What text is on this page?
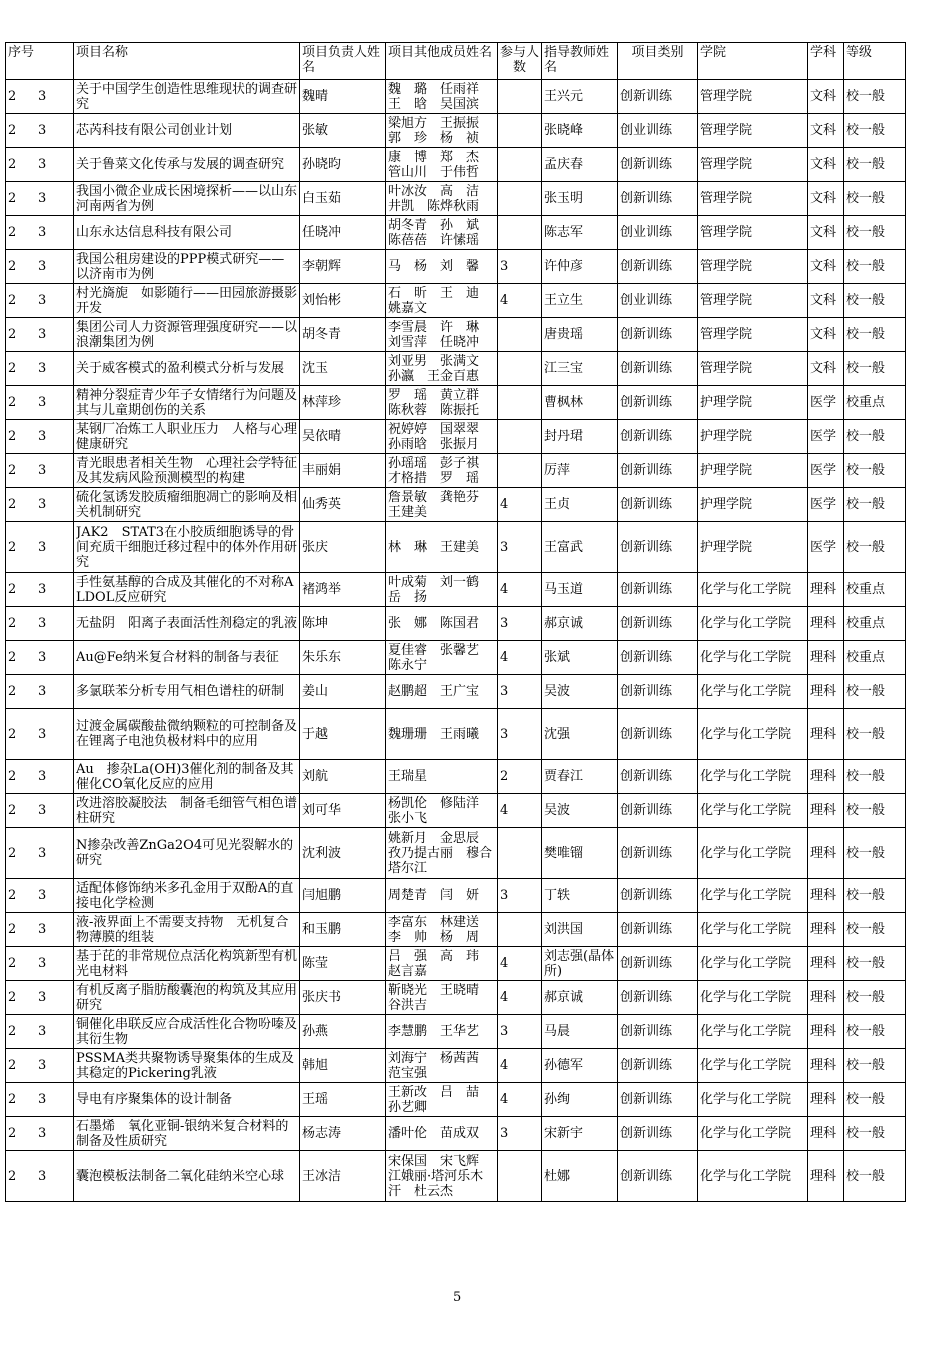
序号	项目名称	项目负责人姓名	项目其他成员姓名	参与人数	指导教师姓名	项目类别	学院	学科	等级
2 3	关于中国学生创造性思维现状的调查研究	魏晴	魏　璐　任雨祥　王　晗　吴国滨		王兴元	创新训练	管理学院	文科	校一般

2 3	芯芮科技有限公司创业计划	张敏	梁旭方　王振振　郭　珍　杨　祯		张晓峰	创业训练	管理学院	文科	校一般

2 3	关于鲁菜文化传承与发展的调查研究	孙晓昀	康　博　郑　杰　管山川　于伟哲		孟庆春	创新训练	管理学院	文科	校一般

2 3	我国小微企业成长困境探析——以山东　河南两省为例	白玉茹	叶冰汝　高　洁　井凯　陈烨秋雨		张玉明	创新训练	管理学院	文科	校一般

2 3	山东永达信息科技有限公司	任晓冲	胡冬青　孙　斌　陈蓓蓓　许愫瑶		陈志军	创业训练	管理学院	文科	校一般

2 3	我国公租房建设的PPP模式研究——以济南市为例	李朝辉	马　杨　刘　馨	3	许仲彦	创新训练	管理学院	文科	校一般

2 3	村光旖旎　如影随行——田园旅游摄影开发	刘怡彬	石　昕　王　迪　姚嘉文	4	王立生	创业训练	管理学院	文科	校一般

2 3	集团公司人力资源管理强度研究——以浪潮集团为例	胡冬青	李雪晨　许　琳　刘雪萍　任晓冲		唐贵瑶	创新训练	管理学院	文科	校一般

2 3	关于威客模式的盈利模式分析与发展	沈玉	刘亚男　张满文　孙瀛　王金百惠		江三宝	创新训练	管理学院	文科	校一般

2 3	精神分裂症青少年子女情绪行为问题及其与儿童期创伤的关系	林萍珍	罗　瑶　黄立群　陈秋蓉　陈振托		曹枫林	创新训练	护理学院	医学	校重点

2 3	某钢厂冶炼工人职业压力　人格与心理健康研究	吴依晴	祝婷婷　国翠翠　孙雨晗　张振月		封丹珺	创新训练	护理学院	医学	校一般

2 3	青光眼患者相关生物　心理社会学特征及其发病风险预测模型的构建	丰丽娟	孙瑶瑶　彭子祺　才格措　罗　瑶		厉萍	创新训练	护理学院	医学	校一般

2 3	硫化氢诱发胶质瘤细胞凋亡的影响及相关机制研究	仙秀英	詹景敏　龚艳芬　王建美	4	王贞	创新训练	护理学院	医学	校一般

2 3	JAK2　STAT3在小胶质细胞诱导的骨间充质干细胞迁移过程中的体外作用研究	张庆	林　琳　王建美	3	王富武	创新训练	护理学院	医学	校一般

2 3	手性氨基醇的合成及其催化的不对称ALDOL反应研究	褚鸿举	叶成菊　刘一鹤　岳　扬	4	马玉道	创新训练	化学与化工学院	理科	校重点

2 3	无盐阴　阳离子表面活性剂稳定的乳液	陈坤	张　娜　陈国君	3	郝京诚	创新训练	化学与化工学院	理科	校重点

2 3	Au@Fe纳米复合材料的制备与表征	朱乐东	夏佳睿　张馨艺　陈永宁	4	张斌	创新训练	化学与化工学院	理科	校重点

2 3	多氯联苯分析专用气相色谱柱的研制	姜山	赵鹏超　王广宝	3	吴波	创新训练	化学与化工学院	理科	校一般

2 3	过渡金属碳酸盐微纳颗粒的可控制备及在锂离子电池负极材料中的应用	于越	魏珊珊　王雨曦	3	沈强	创新训练	化学与化工学院	理科	校一般

2 3	Au　掺杂La(OH)3催化剂的制备及其催化CO氧化反应的应用	刘航	王瑞星	2	贾春江	创新训练	化学与化工学院	理科	校一般

2 3	改进溶胶凝胶法　制备毛细管气相色谱柱研究	刘可华	杨凯伦　修陆洋　张小飞	4	吴波	创新训练	化学与化工学院	理科	校一般

2 3	N掺杂改善ZnGa2O4可见光裂解水的研究	沈利波	姚新月　金思辰　孜乃提古丽　穆合塔尔江		樊唯镏	创新训练	化学与化工学院	理科	校一般

2 3	适配体修饰纳米多孔金用于双酚A的直接电化学检测	闫旭鹏	周楚青　闫　妍	3	丁轶	创新训练	化学与化工学院	理科	校一般

2 3	液-液界面上不需要支持物　无机复合物薄膜的组装	和玉鹏	李富东　林建送　李　帅　杨　周		刘洪国	创新训练	化学与化工学院	理科	校一般

2 3	基于芘的非常规位点活化构筑新型有机光电材料	陈莹	吕　强　高　玮　赵言嘉	4	刘志强(晶体所)	创新训练	化学与化工学院	理科	校一般

2 3	有机反离子脂肪酸囊泡的构筑及其应用研究	张庆书	靳晓光　王晓晴　谷洪吉	4	郝京诚	创新训练	化学与化工学院	理科	校一般

2 3	铜催化串联反应合成活性化合物吩嗪及其衍生物	孙燕	李慧鹏　王华艺	3	马晨	创新训练	化学与化工学院	理科	校一般

2 3	PSSMA类共聚物诱导聚集体的生成及其稳定的Pickering乳液	韩旭	刘海宁　杨茜茜　范宝强	4	孙德军	创新训练	化学与化工学院	理科	校一般

2 3	导电有序聚集体的设计制备	王瑶	王新改　吕　喆　孙艺卿	4	孙绚	创新训练	化学与化工学院	理科	校一般

2 3	石墨烯　氧化亚铜-银纳米复合材料的制备及性质研究	杨志涛	潘叶伦　苗成双	3	宋新宇	创新训练	化学与化工学院	理科	校一般

2 3	囊泡模板法制备二氧化硅纳米空心球	王冰洁	宋保国　宋飞辉　江娥丽·塔河乐木汗　杜云杰		杜娜	创新训练	化学与化工学院	理科	校一般
5
